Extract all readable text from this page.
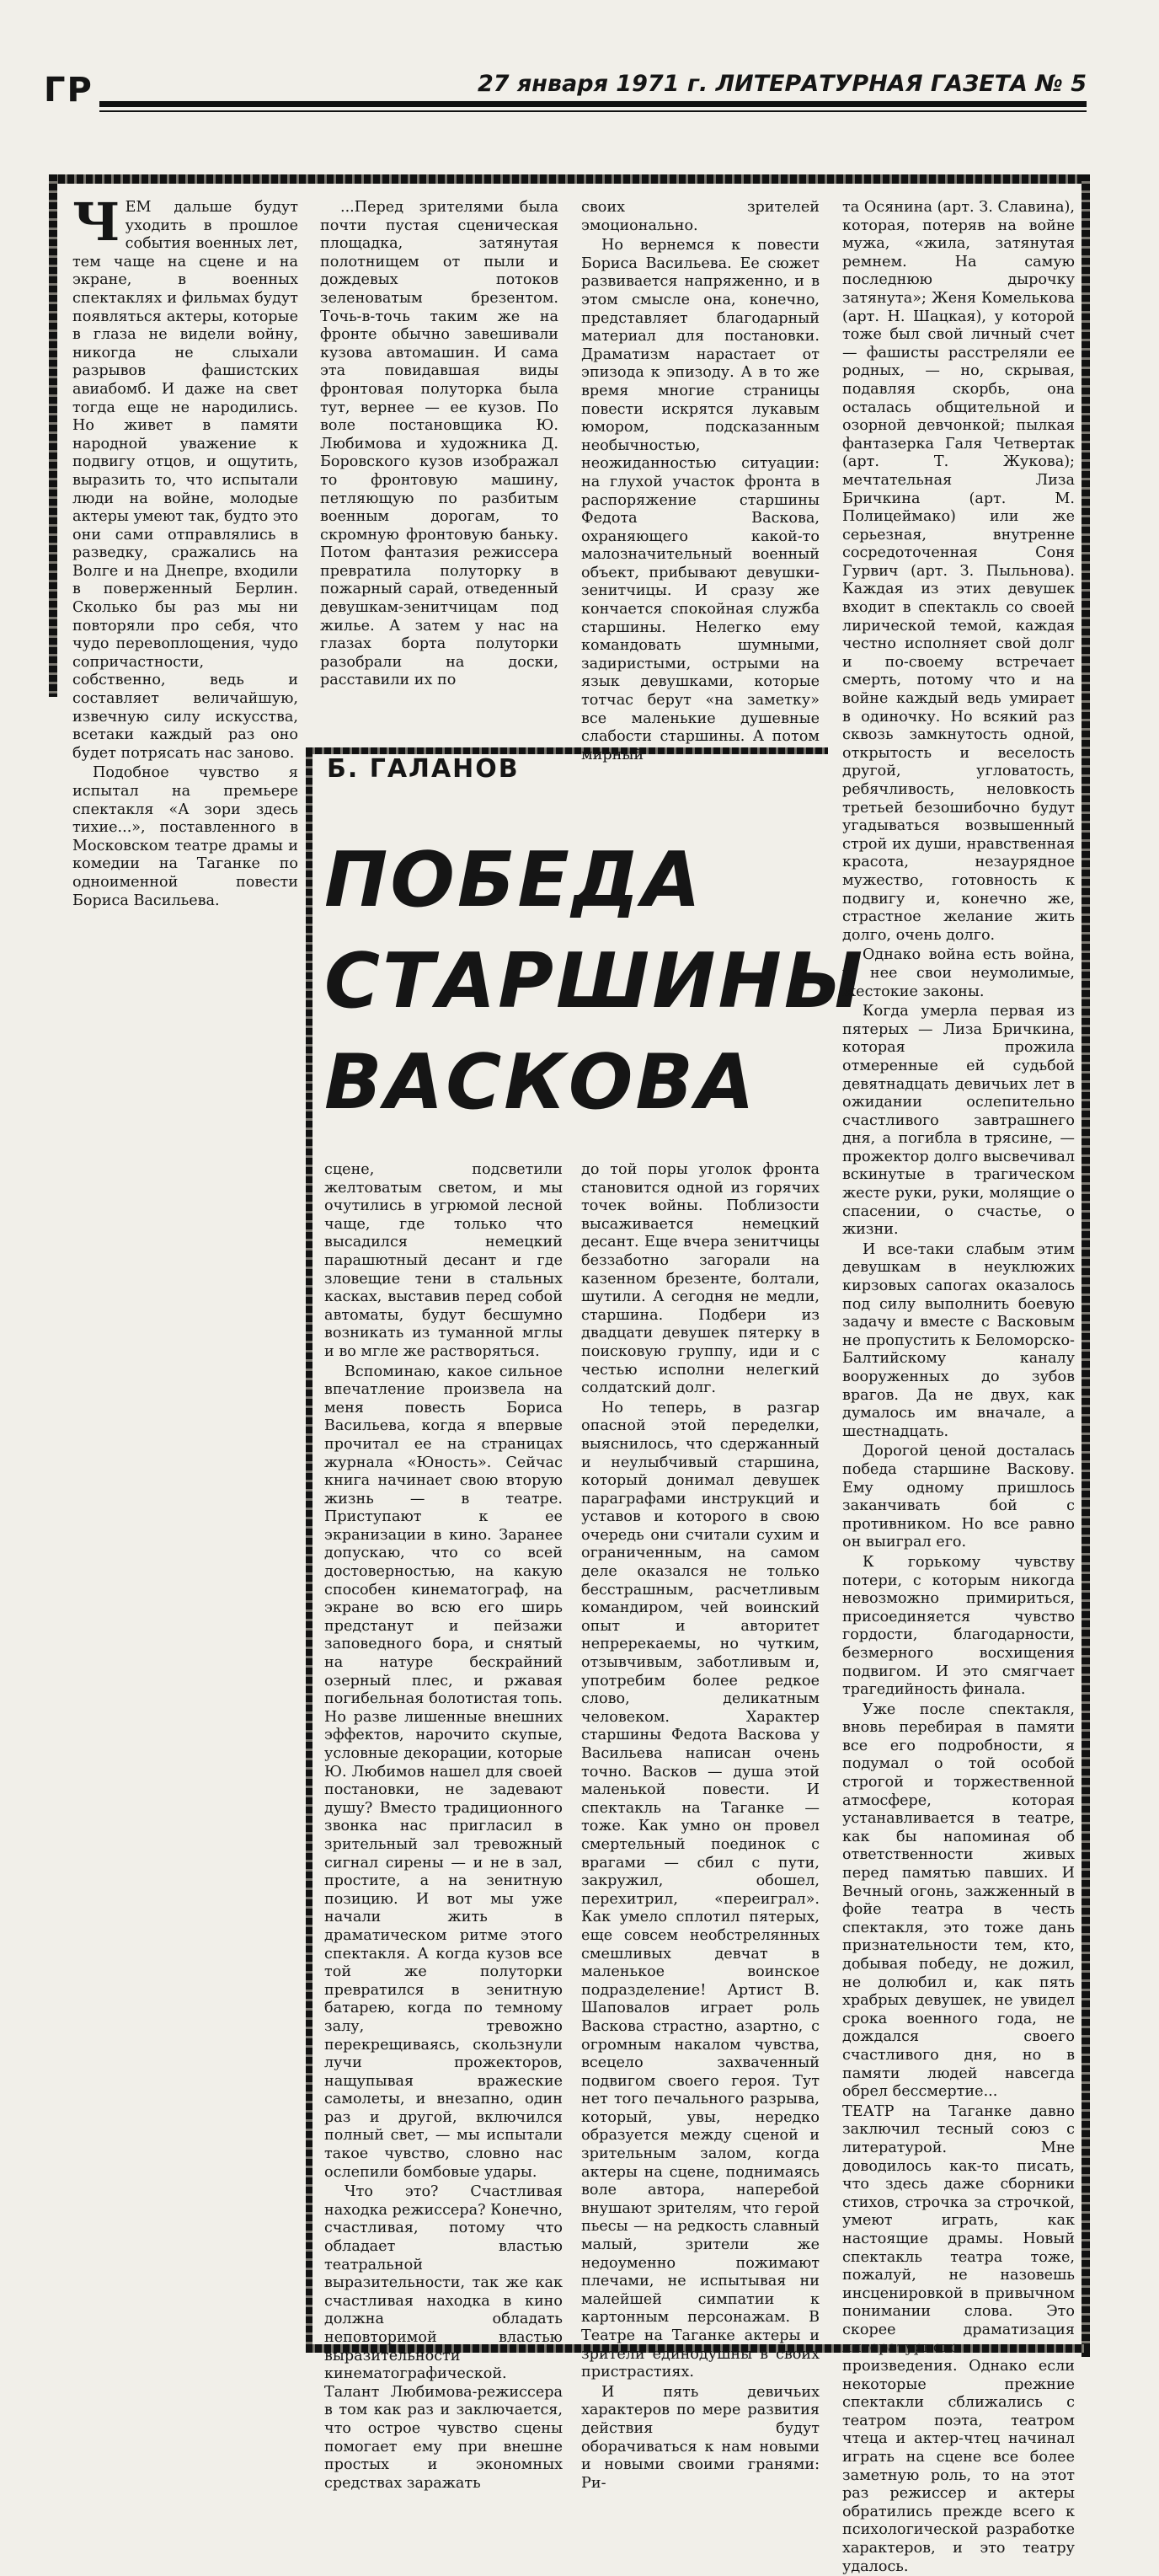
ГР	27 января 1971 г. ЛИТЕРАТУРНАЯ ГАЗЕТА № 5
Ч ЕМ дальше будут уходить в прошлое события военных лет, тем чаще на сцене и на экране, в военных спектаклях и фильмах будут появляться актеры, которые в глаза не видели войну, никогда не слыхали разрывов фашистских авиабомб. И даже на свет тогда еще не народились. Но живет в памяти народной уважение к подвигу отцов, и ощутить, выразить то, что испытали люди на войне, молодые актеры умеют так, будто это они сами отправлялись в разведку, сражались на Волге и на Днепре, входили в поверженный Берлин. Сколько бы раз мы ни повторяли про себя, что чудо перевоплощения, чудо сопричастности, собственно, ведь и составляет величайшую, извечную силу искусства, всетаки каждый раз оно будет потрясать нас заново.

Подобное чувство я испытал на премьере спектакля «А зори здесь тихие...», поставленного в Московском театре драмы и комедии на Таганке по одноименной повести Бориса Васильева.

...Перед зрителями была почти пустая сценическая площадка, затянутая полотнищем от пыли и дождевых потоков зеленоватым брезентом. Точь-в-точь таким же на фронте обычно завешивали кузова автомашин. И сама эта повидавшая виды фронтовая полуторка была тут, вернее — ее кузов. По воле постановщика Ю. Любимова и художника Д. Боровского кузов изображал то фронтовую машину, петляющую по разбитым военным дорогам, то скромную фронтовую баньку. Потом фантазия режиссера превратила полуторку в пожарный сарай, отведенный девушкам-зенитчицам под жилье. А затем у нас на глазах борта полуторки разобрали на доски, расставили их по

своих зрителей эмоционально.

Но вернемся к повести Бориса Васильева. Ее сюжет развивается напряженно, и в этом смысле она, конечно, представляет благодарный материал для постановки. Драматизм нарастает от эпизода к эпизоду. А в то же время многие страницы повести искрятся лукавым юмором, подсказанным необычностью, неожиданностью ситуации: на глухой участок фронта в распоряжение старшины Федота Васкова, охраняющего какой-то малозначительный военный объект, прибывают девушки-зенитчицы. И сразу же кончается спокойная служба старшины. Нелегко ему командовать шумными, задиристыми, острыми на язык девушками, которые тотчас берут «на заметку» все маленькие душевные слабости старшины. А потом мирный

Б. ГАЛАНОВ
ПОБЕДА
СТАРШИНЫ
ВАСКОВА

сцене, подсветили желтоватым светом, и мы очутились в угрюмой лесной чаще, где только что высадился немецкий парашютный десант и где зловещие тени в стальных касках, выставив перед собой автоматы, будут бесшумно возникать из туманной мглы и во мгле же растворяться.

Вспоминаю, какое сильное впечатление произвела на меня повесть Бориса Васильева, когда я впервые прочитал ее на страницах журнала «Юность». Сейчас книга начинает свою вторую жизнь — в театре. Приступают к ее экранизации в кино. Заранее допускаю, что со всей достоверностью, на какую способен кинематограф, на экране во всю его ширь предстанут и пейзажи заповедного бора, и снятый на натуре бескрайний озерный плес, и ржавая погибельная болотистая топь. Но разве лишенные внешних эффектов, нарочито скупые, условные декорации, которые Ю. Любимов нашел для своей постановки, не задевают душу? Вместо традиционного звонка нас пригласил в зрительный зал тревожный сигнал сирены — и не в зал, простите, а на зенитную позицию. И вот мы уже начали жить в драматическом ритме этого спектакля. А когда кузов все той же полуторки превратился в зенитную батарею, когда по темному залу, тревожно перекрещиваясь, скользнули лучи прожекторов, нащупывая вражеские самолеты, и внезапно, один раз и другой, включился полный свет, — мы испытали такое чувство, словно нас ослепили бомбовые удары.

Что это? Счастливая находка режиссера? Конечно, счастливая, потому что обладает властью театральной выразительности, так же как счастливая находка в кино должна обладать неповторимой властью выразительности кинематографической. Талант Любимова-режиссера в том как раз и заключается, что острое чувство сцены помогает ему при внешне простых и экономных средствах заражать

до той поры уголок фронта становится одной из горячих точек войны. Поблизости высаживается немецкий десант. Еще вчера зенитчицы беззаботно загорали на казенном брезенте, болтали, шутили. А сегодня не медли, старшина. Подбери из двадцати девушек пятерку в поисковую группу, иди и с честью исполни нелегкий солдатский долг.

Но теперь, в разгар опасной этой переделки, выяснилось, что сдержанный и неулыбчивый старшина, который донимал девушек параграфами инструкций и уставов и которого в свою очередь они считали сухим и ограниченным, на самом деле оказался не только бесстрашным, расчетливым командиром, чей воинский опыт и авторитет непререкаемы, но чутким, отзывчивым, заботливым и, употребим более редкое слово, деликатным человеком. Характер старшины Федота Васкова у Васильева написан очень точно. Васков — душа этой маленькой повести. И спектакль на Таганке — тоже. Как умно он провел смертельный поединок с врагами — сбил с пути, закружил, обошел, перехитрил, «переиграл». Как умело сплотил пятерых, еще совсем необстрелянных смешливых девчат в маленькое воинское подразделение! Артист В. Шаповалов играет роль Васкова страстно, азартно, с огромным накалом чувства, всецело захваченный подвигом своего героя. Тут нет того печального разрыва, который, увы, нередко образуется между сценой и зрительным залом, когда актеры на сцене, поднимаясь воле автора, наперебой внушают зрителям, что герой пьесы — на редкость славный малый, зрители же недоуменно пожимают плечами, не испытывая ни малейшей симпатии к картонным персонажам. В Театре на Таганке актеры и зрители единодушны в своих пристрастиях.

И пять девичьих характеров по мере развития действия будут оборачиваться к нам новыми и новыми своими гранями: Ри-

та Осянина (арт. З. Славина), которая, потеряв на войне мужа, «жила, затянутая ремнем. На самую последнюю дырочку затянута»; Женя Комелькова (арт. Н. Шацкая), у которой тоже был свой личный счет — фашисты расстреляли ее родных, — но, скрывая, подавляя скорбь, она осталась общительной и озорной девчонкой; пылкая фантазерка Галя Четвертак (арт. Т. Жукова); мечтательная Лиза Бричкина (арт. М. Полицеймако) или же серьезная, внутренне сосредоточенная Соня Гурвич (арт. З. Пыльнова). Каждая из этих девушек входит в спектакль со своей лирической темой, каждая честно исполняет свой долг и по-своему встречает смерть, потому что и на войне каждый ведь умирает в одиночку. Но всякий раз сквозь замкнутость одной, открытость и веселость другой, угловатость, ребячливость, неловкость третьей безошибочно будут угадываться возвышенный строй их души, нравственная красота, незаурядное мужество, готовность к подвигу и, конечно же, страстное желание жить долго, очень долго.

Однако война есть война, у нее свои неумолимые, жестокие законы.

Когда умерла первая из пятерых — Лиза Бричкина, которая прожила отмеренные ей судьбой девятнадцать девичьих лет в ожидании ослепительно счастливого завтрашнего дня, а погибла в трясине, — прожектор долго высвечивал вскинутые в трагическом жесте руки, руки, молящие о спасении, о счастье, о жизни.

И все-таки слабым этим девушкам в неуклюжих кирзовых сапогах оказалось под силу выполнить боевую задачу и вместе с Васковым не пропустить к Беломорско-Балтийскому каналу вооруженных до зубов врагов. Да не двух, как думалось им вначале, а шестнадцать.

Дорогой ценой досталась победа старшине Васкову. Ему одному пришлось заканчивать бой с противником. Но все равно он выиграл его.

К горькому чувству потери, с которым никогда невозможно примириться, присоединяется чувство гордости, благодарности, безмерного восхищения подвигом. И это смягчает трагедийность финала.

Уже после спектакля, вновь перебирая в памяти все его подробности, я подумал о той особой строгой и торжественной атмосфере, которая устанавливается в театре, как бы напоминая об ответственности живых перед памятью павших. И Вечный огонь, зажженный в фойе театра в честь спектакля, это тоже дань признательности тем, кто, добывая победу, не дожил, не долюбил и, как пять храбрых девушек, не увидел срока военного года, не дождался своего счастливого дня, но в памяти людей навсегда обрел бессмертие...

ТЕАТР на Таганке давно заключил тесный союз с литературой. Мне доводилось как-то писать, что здесь даже сборники стихов, строчка за строчкой, умеют играть, как настоящие драмы. Новый спектакль театра тоже, пожалуй, не назовешь инсценировкой в привычном понимании слова. Это скорее драматизация литературного произведения. Однако если некоторые прежние спектакли сближались с театром поэта, театром чтеца и актер-чтец начинал играть на сцене все более заметную роль, то на этот раз режиссер и актеры обратились прежде всего к психологической разработке характеров, и это театру удалось.
